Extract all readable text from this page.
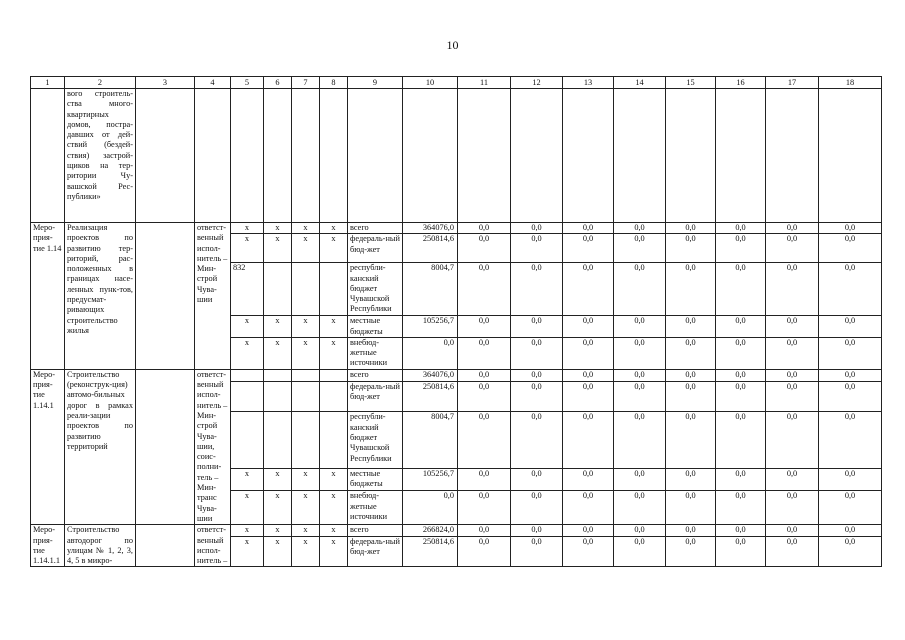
10
1	2	3	4	5	6	7	8	9	10	11	12	13	14	15	16	17	18
	вого строитель-ства много-квартирных домов, постра-давших от дей-ствий (бездей-ствия) застрой-щиков на тер-ритории Чу-вашской Рес-публики»																
Меро-прия-тие 1.14	Реализация проектов по развитию тер-риторий, рас-положенных в границах насе-ленных пунк-тов, предусмат-ривающих строительство жилья		ответст-венный испол-нитель – Мин-строй Чува-шии	х	х	х	х	всего	364076,0	0,0	0,0	0,0	0,0	0,0	0,0	0,0	0,0
				х	х	х	х	федераль-ный бюд-жет	250814,6	0,0	0,0	0,0	0,0	0,0	0,0	0,0	0,0
				832				республи-канский бюджет Чувашской Республики	8004,7	0,0	0,0	0,0	0,0	0,0	0,0	0,0	0,0
				х	х	х	х	местные бюджеты	105256,7	0,0	0,0	0,0	0,0	0,0	0,0	0,0	0,0
				х	х	х	х	внебюд-жетные источники	0,0	0,0	0,0	0,0	0,0	0,0	0,0	0,0	0,0
Меро-прия-тие 1.14.1	Строительство (реконструк-ция) автомо-бильных дорог в рамках реали-зации проектов по развитию территорий		ответст-венный испол-нитель – Мин-строй Чува-шии, соис-полни-тель – Мин-транс Чува-шии					всего	364076,0	0,0	0,0	0,0	0,0	0,0	0,0	0,0	0,0
								федераль-ный бюд-жет	250814,6	0,0	0,0	0,0	0,0	0,0	0,0	0,0	0,0
								республи-канский бюджет Чувашской Республики	8004,7	0,0	0,0	0,0	0,0	0,0	0,0	0,0	0,0
				х	х	х	х	местные бюджеты	105256,7	0,0	0,0	0,0	0,0	0,0	0,0	0,0	0,0
				х	х	х	х	внебюд-жетные источники	0,0	0,0	0,0	0,0	0,0	0,0	0,0	0,0	0,0
Меро-прия-тие 1.14.1.1	Строительство автодорог по улицам № 1, 2, 3, 4, 5 в микро-		ответст-венный испол-нитель –	х	х	х	х	всего	266824,0	0,0	0,0	0,0	0,0	0,0	0,0	0,0	0,0
				х	х	х	х	федераль-ный бюд-жет	250814,6	0,0	0,0	0,0	0,0	0,0	0,0	0,0	0,0
